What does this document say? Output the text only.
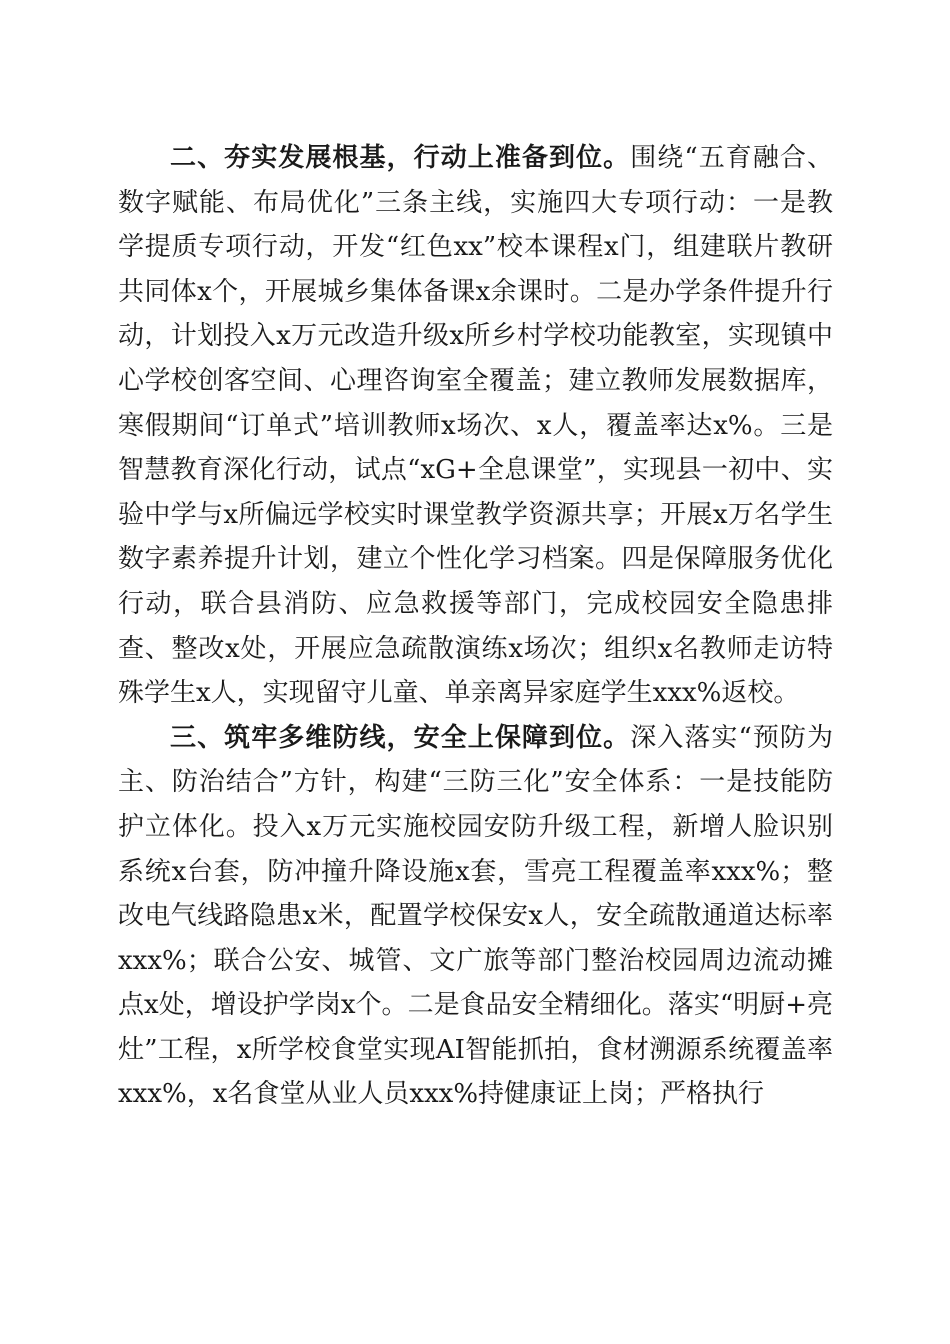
二、夯实发展根基，行动上准备到位。围绕“五育融合、数字赋能、布局优化”三条主线，实施四大专项行动：一是教学提质专项行动，开发“红色xx”校本课程x门，组建联片教研共同体x个，开展城乡集体备课x余课时。二是办学条件提升行动，计划投入x万元改造升级x所乡村学校功能教室，实现镇中心学校创客空间、心理咨询室全覆盖；建立教师发展数据库，寒假期间“订单式”培训教师x场次、x人，覆盖率达x%。三是智慧教育深化行动，试点“xG+全息课堂”，实现县一初中、实验中学与x所偏远学校实时课堂教学资源共享；开展x万名学生数字素养提升计划，建立个性化学习档案。四是保障服务优化行动，联合县消防、应急救援等部门，完成校园安全隐患排查、整改x处，开展应急疏散演练x场次；组织x名教师走访特殊学生x人，实现留守儿童、单亲离异家庭学生xxx%返校。

三、筑牢多维防线，安全上保障到位。深入落实“预防为主、防治结合”方针，构建“三防三化”安全体系：一是技能防护立体化。投入x万元实施校园安防升级工程，新增人脸识别系统x台套，防冲撞升降设施x套，雪亮工程覆盖率xxx%；整改电气线路隐患x米，配置学校保安x人，安全疏散通道达标率xxx%；联合公安、城管、文广旅等部门整治校园周边流动摊点x处，增设护学岗x个。二是食品安全精细化。落实“明厨+亮灶”工程，x所学校食堂实现AI智能抓拍，食材溯源系统覆盖率xxx%，x名食堂从业人员xxx%持健康证上岗；严格执行
